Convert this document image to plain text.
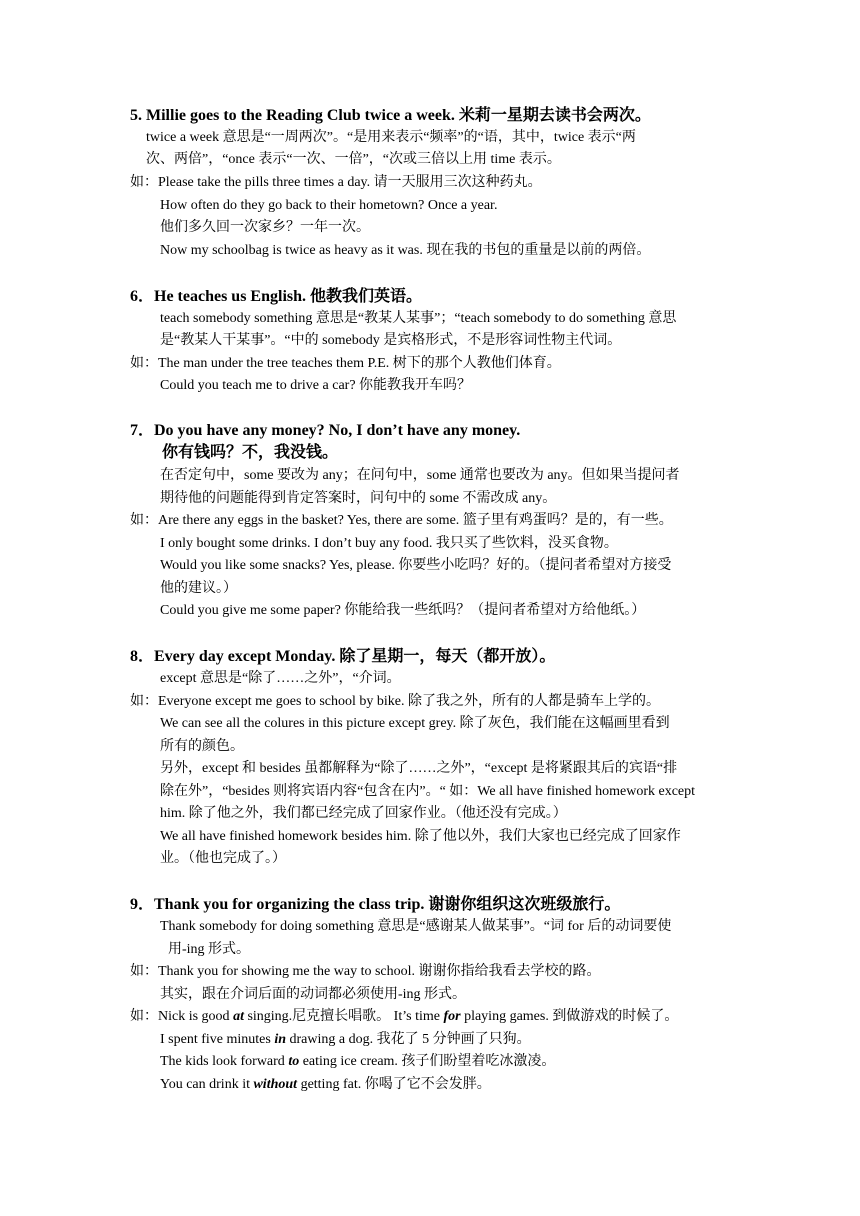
5. Millie goes to the Reading Club twice a week. 米莉一星期去读书会两次。
twice a week 意思是“一周两次”。“是用来表示“频率”的“语，其中，twice 表示“两
次、两倍”，“once 表示“一次、一倍”，“次或三倍以上用 time 表示。
如：Please take the pills three times a day. 请一天服用三次这种药丸。
How often do they go back to their hometown? Once a year.
他们多久回一次家乡？一年一次。
Now my schoolbag is twice as heavy as it was. 现在我的书包的重量是以前的两倍。
6．He teaches us English. 他教我们英语。
teach somebody something 意思是“教某人某事”；“teach somebody to do something 意思
是“教某人干某事”。“中的 somebody 是宾格形式，不是形容词性物主代词。
如：The man under the tree teaches them P.E. 树下的那个人教他们体育。
Could you teach me to drive a car? 你能教我开车吗？
7．Do you have any money? No, I don’t have any money.
你有钱吗？不，我没钱。
在否定句中，some 要改为 any；在问句中，some 通常也要改为 any。但如果当提问者
期待他的问题能得到肯定答案时，问句中的 some 不需改成 any。
如：Are there any eggs in the basket? Yes, there are some. 篮子里有鸡蛋吗？是的，有一些。
I only bought some drinks. I don’t buy any food. 我只买了些饮料，没买食物。
Would you like some snacks? Yes, please. 你要些小吃吗？好的。（提问者希望对方接受
他的建议。）
Could you give me some paper? 你能给我一些纸吗？（提问者希望对方给他纸。）
8．Every day except Monday. 除了星期一，每天（都开放）。
except 意思是“除了……之外”，“介词。
如：Everyone except me goes to school by bike. 除了我之外，所有的人都是骑车上学的。
We can see all the colures in this picture except grey. 除了灰色，我们能在这幅画里看到
所有的颜色。
另外，except 和 besides 虽都解释为“除了……之外”，“except 是将紧跟其后的宾语“排
除在外”，“besides 则将宾语内容“包含在内”。“ 如：We all have finished homework except
him. 除了他之外，我们都已经完成了回家作业。（他还没有完成。）
We all have finished homework besides him. 除了他以外，我们大家也已经完成了回家作
业。（他也完成了。）
9．Thank you for organizing the class trip. 谢谢你组织这次班级旅行。
Thank somebody for doing something 意思是“感谢某人做某事”。“词 for 后的动词要使
用-ing 形式。
如：Thank you for showing me the way to school. 谢谢你指给我看去学校的路。
其实，跟在介词后面的动词都必须使用-ing 形式。
如：Nick is good at singing.尼克擅长唱歌。 It’s time for playing games. 到做游戏的时候了。
I spent five minutes in drawing a dog. 我花了 5 分钟画了只狗。
The kids look forward to eating ice cream. 孩子们盼望着吃冰激凌。
You can drink it without getting fat. 你喝了它不会发胖。
